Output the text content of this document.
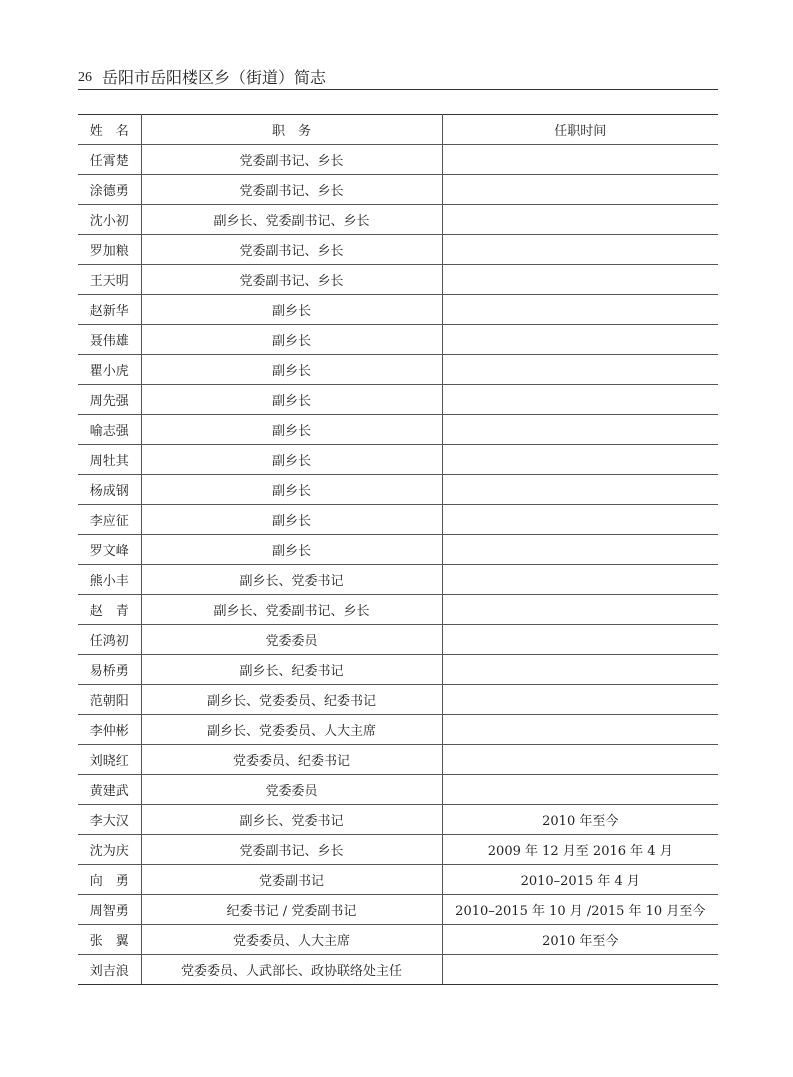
26 岳阳市岳阳楼区乡（街道）简志
姓　名	职　务	任职时间
任霄楚	党委副书记、乡长	
涂德勇	党委副书记、乡长	
沈小初	副乡长、党委副书记、乡长	
罗加粮	党委副书记、乡长	
王天明	党委副书记、乡长	
赵新华	副乡长	
聂伟雄	副乡长	
瞿小虎	副乡长	
周先强	副乡长	
喻志强	副乡长	
周牡其	副乡长	
杨成钢	副乡长	
李应征	副乡长	
罗文峰	副乡长	
熊小丰	副乡长、党委书记	
赵　青	副乡长、党委副书记、乡长	
任鸿初	党委委员	
易桥勇	副乡长、纪委书记	
范朝阳	副乡长、党委委员、纪委书记	
李仲彬	副乡长、党委委员、人大主席	
刘晓红	党委委员、纪委书记	
黄建武	党委委员	
李大汉	副乡长、党委书记	2010 年至今
沈为庆	党委副书记、乡长	2009 年 12 月至 2016 年 4 月
向　勇	党委副书记	2010–2015 年 4 月
周智勇	纪委书记 / 党委副书记	2010–2015 年 10 月 /2015 年 10 月至今
张　翼	党委委员、人大主席	2010 年至今
刘吉浪	党委委员、人武部长、政协联络处主任	
